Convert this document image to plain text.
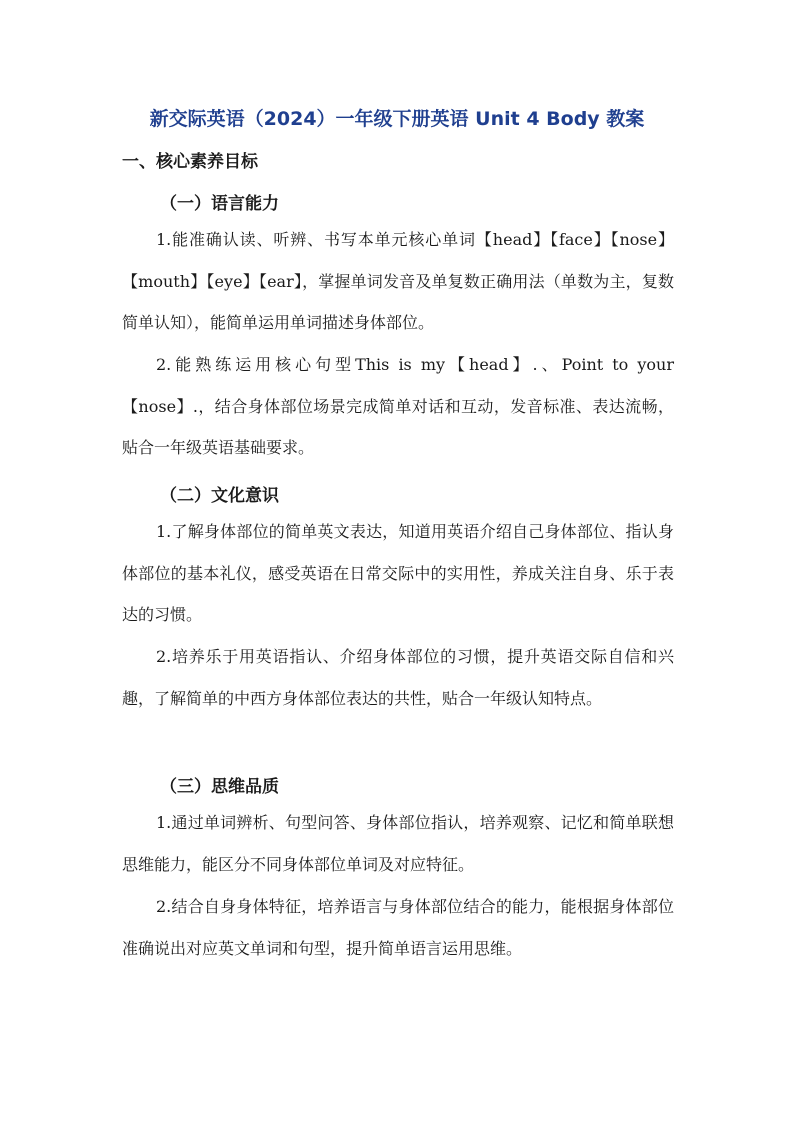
新交际英语（2024）一年级下册英语 Unit 4 Body 教案
一、核心素养目标
（一）语言能力

1.能准确认读、听辨、书写本单元核心单词【head】【face】【nose】【mouth】【eye】【ear】，掌握单词发音及单复数正确用法（单数为主，复数简单认知），能简单运用单词描述身体部位。

2.能熟练运用核心句型This is my【head】.、Point to your【nose】.，结合身体部位场景完成简单对话和互动，发音标准、表达流畅，贴合一年级英语基础要求。

（二）文化意识

1.了解身体部位的简单英文表达，知道用英语介绍自己身体部位、指认身体部位的基本礼仪，感受英语在日常交际中的实用性，养成关注自身、乐于表达的习惯。

2.培养乐于用英语指认、介绍身体部位的习惯，提升英语交际自信和兴趣，了解简单的中西方身体部位表达的共性，贴合一年级认知特点。

（三）思维品质

1.通过单词辨析、句型问答、身体部位指认，培养观察、记忆和简单联想思维能力，能区分不同身体部位单词及对应特征。

2.结合自身身体特征，培养语言与身体部位结合的能力，能根据身体部位准确说出对应英文单词和句型，提升简单语言运用思维。
